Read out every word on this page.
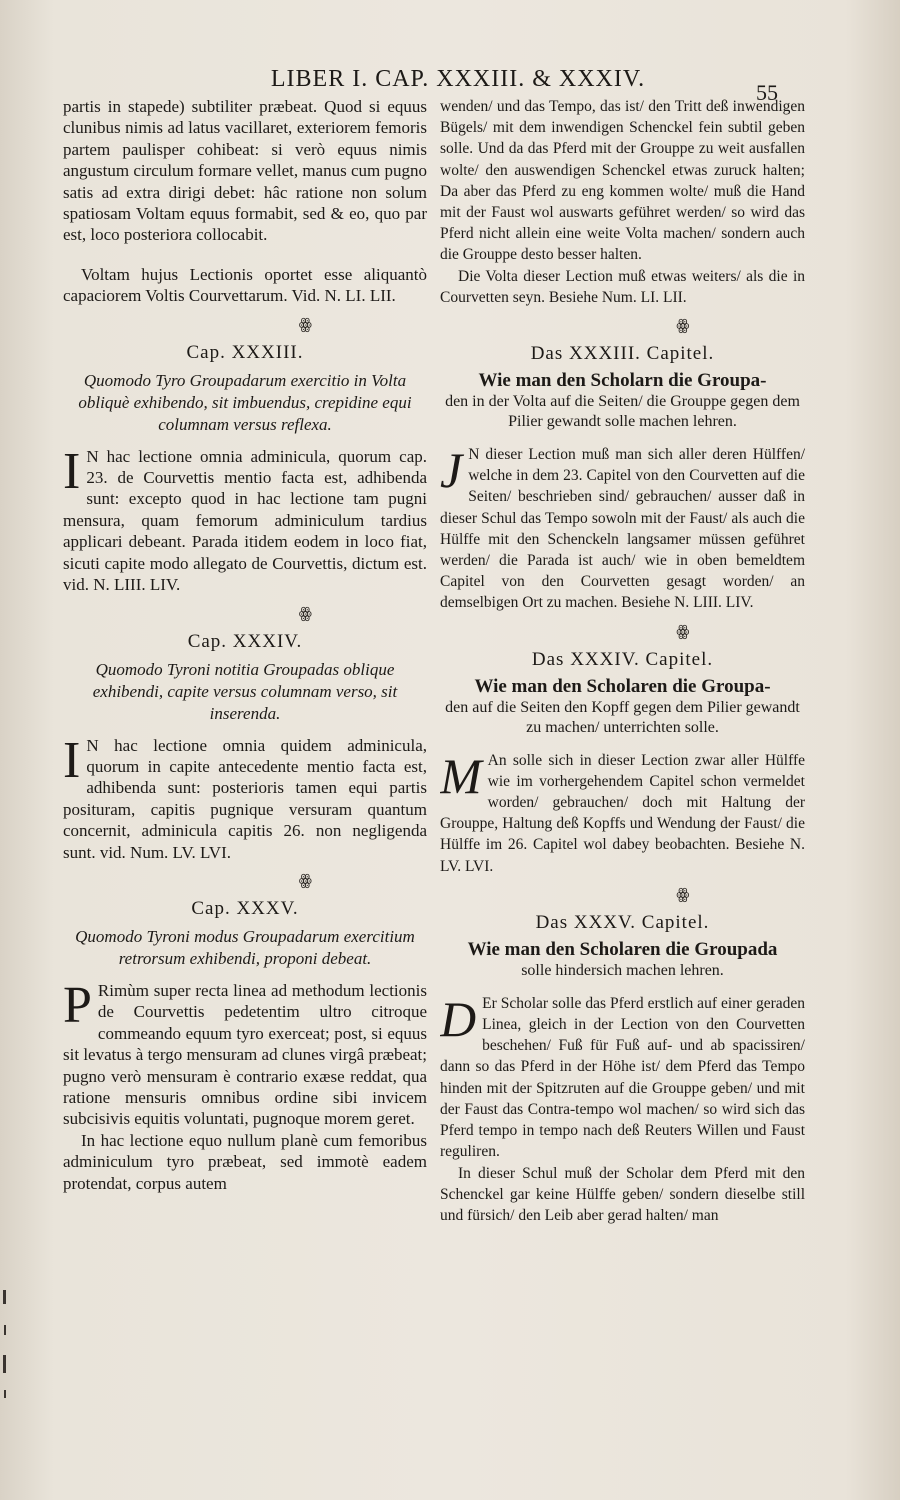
LIBER I. CAP. XXXIII. & XXXIV.
55

partis in stapede) subtiliter præbeat. Quod si equus clunibus nimis ad latus vacillaret, exteriorem femoris partem paulisper cohibeat: si verò equus nimis angustum circulum formare vellet, manus cum pugno satis ad extra dirigi debet: hâc ratione non solum spatiosam Voltam equus formabit, sed & eo, quo par est, loco posteriora collocabit.

Voltam hujus Lectionis oportet esse aliquantò capaciorem Voltis Courvettarum. Vid. N. LI. LII.

ꙮ꙰ꙮ꙰ꙮ꙰ꙮ꙰ꙮ꙰ꙮ
Cap. XXXIII.
Quomodo Tyro Groupadarum exercitio in Volta obliquè exhibendo, sit imbuendus, crepidine equi columnam versus reflexa.
I N hac lectione omnia adminicula, quorum cap. 23. de Courvettis mentio facta est, adhibenda sunt: excepto quod in hac lectione tam pugni mensura, quam femorum adminiculum tardius applicari debeant. Parada itidem eodem in loco fiat, sicuti capite modo allegato de Courvettis, dictum est. vid. N. LIII. LIV.

ꙮ꙰ꙮ꙰ꙮ꙰ꙮ꙰ꙮ꙰ꙮ
Cap. XXXIV.
Quomodo Tyroni notitia Groupadas oblique exhibendi, capite versus columnam verso, sit inserenda.
I N hac lectione omnia quidem adminicula, quorum in capite antecedente mentio facta est, adhibenda sunt: posterioris tamen equi partis posituram, capitis pugnique versuram quantum concernit, adminicula capitis 26. non negligenda sunt. vid. Num. LV. LVI.

ꙮ꙰ꙮ꙰ꙮ꙰ꙮ꙰ꙮ꙰ꙮ
Cap. XXXV.
Quomodo Tyroni modus Groupadarum exercitium retrorsum exhibendi, proponi debeat.
P Rimùm super recta linea ad methodum lectionis de Courvettis pedetentim ultro citroque commeando equum tyro exerceat; post, si equus sit levatus à tergo mensuram ad clunes virgâ præbeat; pugno verò mensuram è contrario exæse reddat, qua ratione mensuris omnibus ordine sibi invicem subcisivis equitis voluntati, pugnoque morem geret.

In hac lectione equo nullum planè cum femoribus adminiculum tyro præbeat, sed immotè eadem protendat, corpus autem

wenden/ und das Tempo, das ist/ den Tritt deß inwendigen Bügels/ mit dem inwendigen Schenckel fein subtil geben solle. Und da das Pferd mit der Grouppe zu weit ausfallen wolte/ den auswendigen Schenckel etwas zuruck halten; Da aber das Pferd zu eng kommen wolte/ muß die Hand mit der Faust wol auswarts geführet werden/ so wird das Pferd nicht allein eine weite Volta machen/ sondern auch die Grouppe desto besser halten.

Die Volta dieser Lection muß etwas weiters/ als die in Courvetten seyn. Besiehe Num. LI. LII.

ꙮ꙰ꙮ꙰ꙮ꙰ꙮ꙰ꙮ꙰ꙮ
Das XXXIII. Capitel.
Wie man den Scholarn die Groupa-
den in der Volta auf die Seiten/ die Grouppe gegen dem Pilier gewandt solle machen lehren.
J N dieser Lection muß man sich aller deren Hülffen/ welche in dem 23. Capitel von den Courvetten auf die Seiten/ beschrieben sind/ gebrauchen/ ausser daß in dieser Schul das Tempo sowoln mit der Faust/ als auch die Hülffe mit den Schenckeln langsamer müssen geführet werden/ die Parada ist auch/ wie in oben bemeldtem Capitel von den Courvetten gesagt worden/ an demselbigen Ort zu machen. Besiehe N. LIII. LIV.

ꙮ꙰ꙮ꙰ꙮ꙰ꙮ꙰ꙮ꙰ꙮ
Das XXXIV. Capitel.
Wie man den Scholaren die Groupa-
den auf die Seiten den Kopff gegen dem Pilier gewandt zu machen/ unterrichten solle.
M An solle sich in dieser Lection zwar aller Hülffe wie im vorhergehendem Capitel schon vermeldet worden/ gebrauchen/ doch mit Haltung der Grouppe, Haltung deß Kopffs und Wendung der Faust/ die Hülffe im 26. Capitel wol dabey beobachten. Besiehe N. LV. LVI.

ꙮ꙰ꙮ꙰ꙮ꙰ꙮ꙰ꙮ꙰ꙮ
Das XXXV. Capitel.
Wie man den Scholaren die Groupada
solle hindersich machen lehren.
D Er Scholar solle das Pferd erstlich auf einer geraden Linea, gleich in der Lection von den Courvetten beschehen/ Fuß für Fuß auf- und ab spacissiren/ dann so das Pferd in der Höhe ist/ dem Pferd das Tempo hinden mit der Spitzruten auf die Grouppe geben/ und mit der Faust das Contra-tempo wol machen/ so wird sich das Pferd tempo in tempo nach deß Reuters Willen und Faust reguliren.

In dieser Schul muß der Scholar dem Pferd mit den Schenckel gar keine Hülffe geben/ sondern dieselbe still und fürsich/ den Leib aber gerad halten/ man
